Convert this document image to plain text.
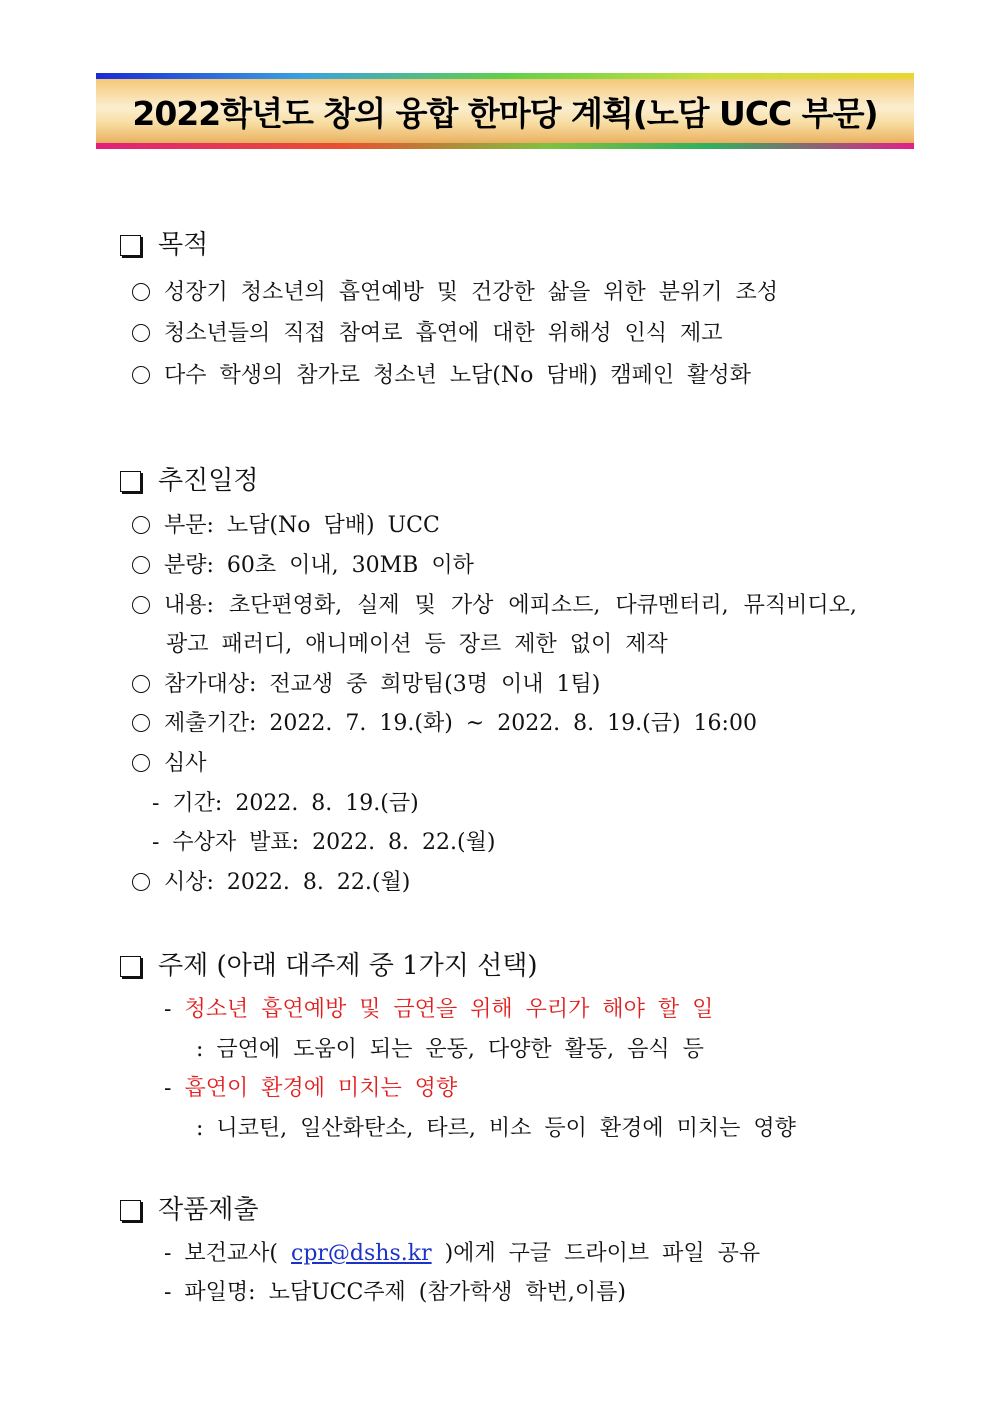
2022학년도 창의 융합 한마당 계획(노담 UCC 부문)
목적
성장기 청소년의 흡연예방 및 건강한 삶을 위한 분위기 조성
청소년들의 직접 참여로 흡연에 대한 위해성 인식 제고
다수 학생의 참가로 청소년 노담(No 담배) 캠페인 활성화
추진일정
부문: 노담(No 담배) UCC
분량: 60초 이내, 30MB 이하
내용: 초단편영화, 실제 및 가상 에피소드, 다큐멘터리, 뮤직비디오,
광고 패러디, 애니메이션 등 장르 제한 없이 제작
참가대상: 전교생 중 희망팀(3명 이내 1팀)
제출기간: 2022. 7. 19.(화) ~ 2022. 8. 19.(금) 16:00
심사
- 기간: 2022. 8. 19.(금)
- 수상자 발표: 2022. 8. 22.(월)
시상: 2022. 8. 22.(월)
주제 (아래 대주제 중 1가지 선택)
- 청소년 흡연예방 및 금연을 위해 우리가 해야 할 일
: 금연에 도움이 되는 운동, 다양한 활동, 음식 등
- 흡연이 환경에 미치는 영향
: 니코틴, 일산화탄소, 타르, 비소 등이 환경에 미치는 영향
작품제출
- 보건교사( cpr@dshs.kr )에게 구글 드라이브 파일 공유
- 파일명: 노담UCC주제 (참가학생 학번,이름)
